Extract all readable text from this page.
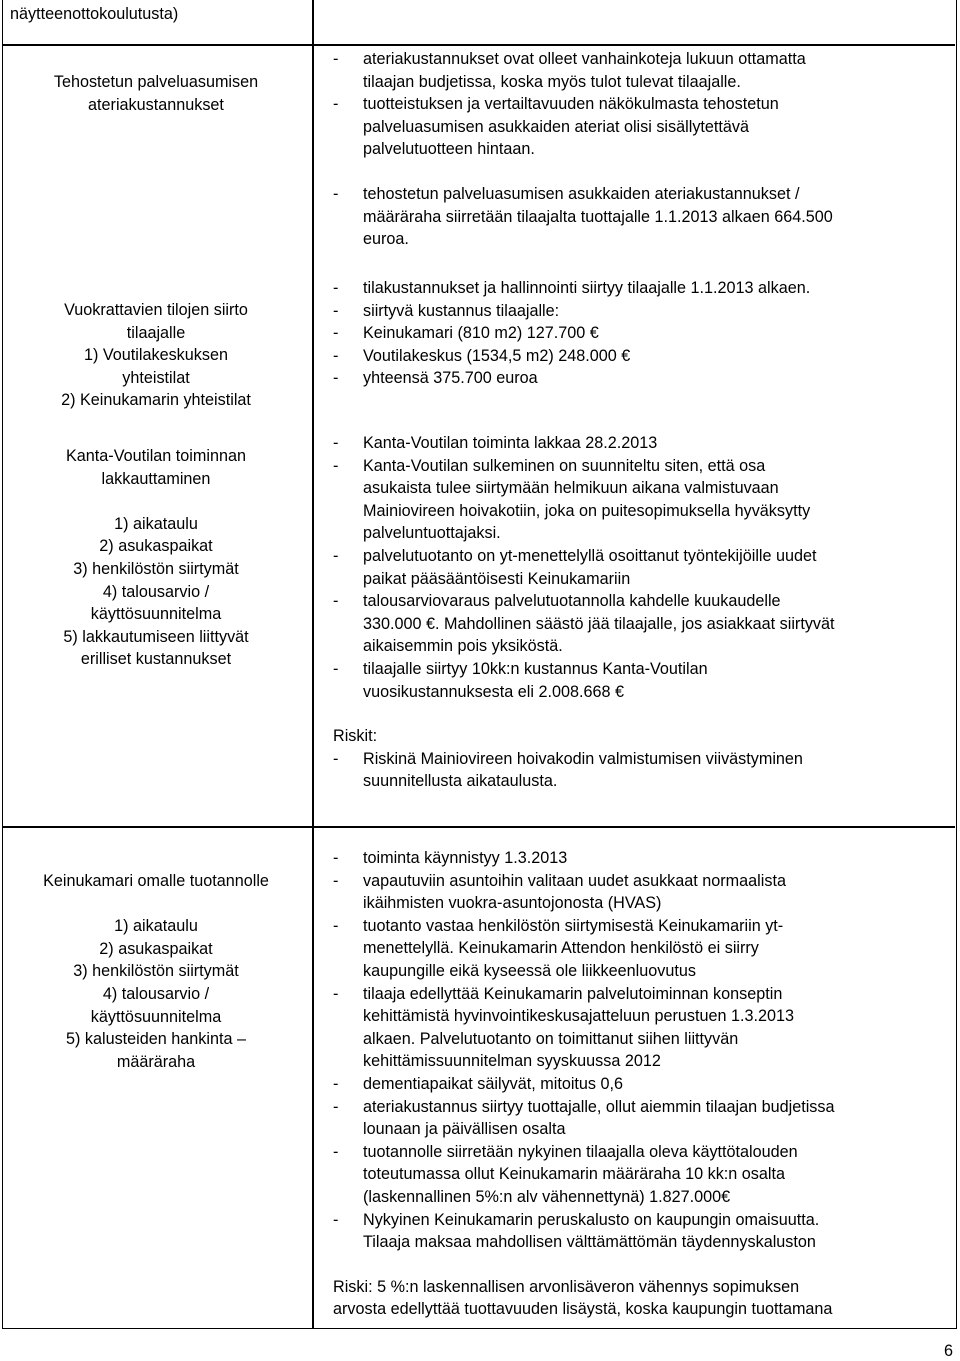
näytteenottokoulutusta)
Tehostetun palveluasumisen
ateriakustannukset
- ateriakustannukset ovat olleet vanhainkoteja lukuun ottamatta
tilaajan budjetissa, koska myös tulot tulevat tilaajalle.
- tuotteistuksen ja vertailtavuuden näkökulmasta tehostetun
palveluasumisen asukkaiden ateriat olisi sisällytettävä
palvelutuotteen hintaan.
- tehostetun palveluasumisen asukkaiden ateriakustannukset /
määräraha siirretään tilaajalta tuottajalle 1.1.2013 alkaen 664.500
euroa.
Vuokrattavien tilojen siirto
tilaajalle
1) Voutilakeskuksen
yhteistilat
2) Keinukamarin yhteistilat
Kanta-Voutilan toiminnan
lakkauttaminen

1) aikataulu
2) asukaspaikat
3) henkilöstön siirtymät
4) talousarvio /
käyttösuunnitelma
5) lakkautumiseen liittyvät
erilliset kustannukset
- tilakustannukset ja hallinnointi siirtyy tilaajalle 1.1.2013 alkaen.
- siirtyvä kustannus tilaajalle:
- Keinukamari (810 m2) 127.700 €
- Voutilakeskus (1534,5 m2) 248.000 €
- yhteensä 375.700 euroa
- Kanta-Voutilan toiminta lakkaa 28.2.2013
- Kanta-Voutilan sulkeminen on suunniteltu siten, että osa
asukaista tulee siirtymään helmikuun aikana valmistuvaan
Mainiovireen hoivakotiin, joka on puitesopimuksella hyväksytty
palveluntuottajaksi.
- palvelutuotanto on yt-menettelyllä osoittanut työntekijöille uudet
paikat pääsääntöisesti Keinukamariin
- talousarviovaraus palvelutuotannolla kahdelle kuukaudelle
330.000 €. Mahdollinen säästö jää tilaajalle, jos asiakkaat siirtyvät
aikaisemmin pois yksiköstä.
- tilaajalle siirtyy 10kk:n kustannus Kanta-Voutilan
vuosikustannuksesta eli 2.008.668 €
Riskit:
- Riskinä Mainiovireen hoivakodin valmistumisen viivästyminen
suunnitellusta aikataulusta.
Keinukamari omalle tuotannolle

1) aikataulu
2) asukaspaikat
3) henkilöstön siirtymät
4) talousarvio /
käyttösuunnitelma
5) kalusteiden hankinta –
määräraha
- toiminta käynnistyy 1.3.2013
- vapautuviin asuntoihin valitaan uudet asukkaat normaalista
ikäihmisten vuokra-asuntojonosta (HVAS)
- tuotanto vastaa henkilöstön siirtymisestä Keinukamariin yt-
menettelyllä. Keinukamarin Attendon henkilöstö ei siirry
kaupungille eikä kyseessä ole liikkeenluovutus
- tilaaja edellyttää Keinukamarin palvelutoiminnan konseptin
kehittämistä hyvinvointikeskusajatteluun perustuen 1.3.2013
alkaen. Palvelutuotanto on toimittanut siihen liittyvän
kehittämissuunnitelman syyskuussa 2012
- dementiapaikat säilyvät, mitoitus 0,6
- ateriakustannus siirtyy tuottajalle, ollut aiemmin tilaajan budjetissa
lounaan ja päivällisen osalta
- tuotannolle siirretään nykyinen tilaajalla oleva käyttötalouden
toteutumassa ollut Keinukamarin määräraha 10 kk:n osalta
(laskennallinen 5%:n alv vähennettynä) 1.827.000€
- Nykyinen Keinukamarin peruskalusto on kaupungin omaisuutta.
Tilaaja maksaa mahdollisen välttämättömän täydennyskaluston
Riski: 5 %:n laskennallisen arvonlisäveron vähennys sopimuksen
arvosta edellyttää tuottavuuden lisäystä, koska kaupungin tuottamana
6
